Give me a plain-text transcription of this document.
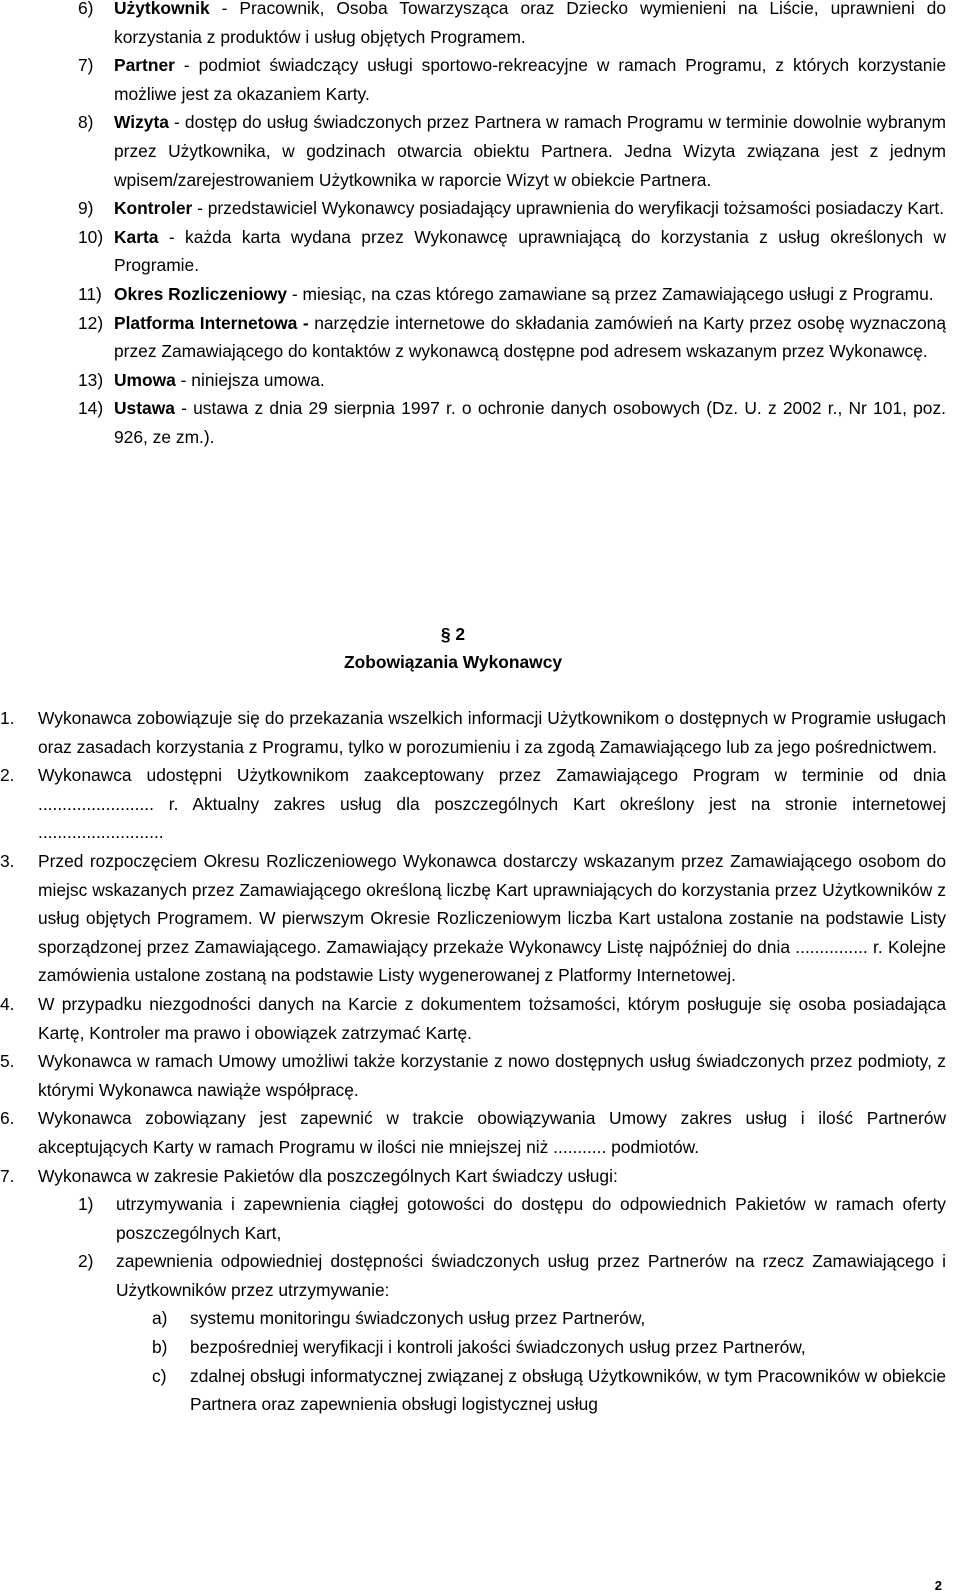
6) Użytkownik - Pracownik, Osoba Towarzysząca oraz Dziecko wymienieni na Liście, uprawnieni do korzystania z produktów i usług objętych Programem.
7) Partner - podmiot świadczący usługi sportowo-rekreacyjne w ramach Programu, z których korzystanie możliwe jest za okazaniem Karty.
8) Wizyta - dostęp do usług świadczonych przez Partnera w ramach Programu w terminie dowolnie wybranym przez Użytkownika, w godzinach otwarcia obiektu Partnera. Jedna Wizyta związana jest z jednym wpisem/zarejestrowaniem Użytkownika w raporcie Wizyt w obiekcie Partnera.
9) Kontroler - przedstawiciel Wykonawcy posiadający uprawnienia do weryfikacji tożsamości posiadaczy Kart.
10) Karta - każda karta wydana przez Wykonawcę uprawniającą do korzystania z usług określonych w Programie.
11) Okres Rozliczeniowy - miesiąc, na czas którego zamawiane są przez Zamawiającego usługi z Programu.
12) Platforma Internetowa - narzędzie internetowe do składania zamówień na Karty przez osobę wyznaczoną przez Zamawiającego do kontaktów z wykonawcą dostępne pod adresem wskazanym przez Wykonawcę.
13) Umowa - niniejsza umowa.
14) Ustawa - ustawa z dnia 29 sierpnia 1997 r. o ochronie danych osobowych (Dz. U. z 2002 r., Nr 101, poz. 926, ze zm.).
§ 2
Zobowiązania Wykonawcy
1. Wykonawca zobowiązuje się do przekazania wszelkich informacji Użytkownikom o dostępnych w Programie usługach oraz zasadach korzystania z Programu, tylko w porozumieniu i za zgodą Zamawiającego lub za jego pośrednictwem.
2. Wykonawca udostępni Użytkownikom zaakceptowany przez Zamawiającego Program w terminie od dnia ........................ r. Aktualny zakres usług dla poszczególnych Kart określony jest na stronie internetowej ..........................
3. Przed rozpoczęciem Okresu Rozliczeniowego Wykonawca dostarczy wskazanym przez Zamawiającego osobom do miejsc wskazanych przez Zamawiającego określoną liczbę Kart uprawniających do korzystania przez Użytkowników z usług objętych Programem. W pierwszym Okresie Rozliczeniowym liczba Kart ustalona zostanie na podstawie Listy sporządzonej przez Zamawiającego. Zamawiający przekaże Wykonawcy Listę najpóźniej do dnia ............... r. Kolejne zamówienia ustalone zostaną na podstawie Listy wygenerowanej z Platformy Internetowej.
4. W przypadku niezgodności danych na Karcie z dokumentem tożsamości, którym posługuje się osoba posiadająca Kartę, Kontroler ma prawo i obowiązek zatrzymać Kartę.
5. Wykonawca w ramach Umowy umożliwi także korzystanie z nowo dostępnych usług świadczonych przez podmioty, z którymi Wykonawca nawiąże współpracę.
6. Wykonawca zobowiązany jest zapewnić w trakcie obowiązywania Umowy zakres usług i ilość Partnerów akceptujących Karty w ramach Programu w ilości nie mniejszej niż ........... podmiotów.
7. Wykonawca w zakresie Pakietów dla poszczególnych Kart świadczy usługi:
1) utrzymywania i zapewnienia ciągłej gotowości do dostępu do odpowiednich Pakietów w ramach oferty poszczególnych Kart,
2) zapewnienia odpowiedniej dostępności świadczonych usług przez Partnerów na rzecz Zamawiającego i Użytkowników przez utrzymywanie:
a) systemu monitoringu świadczonych usług przez Partnerów,
b) bezpośredniej weryfikacji i kontroli jakości świadczonych usług przez Partnerów,
c) zdalnej obsługi informatycznej związanej z obsługą Użytkowników, w tym Pracowników w obiekcie Partnera oraz zapewnienia obsługi logistycznej usług
2
